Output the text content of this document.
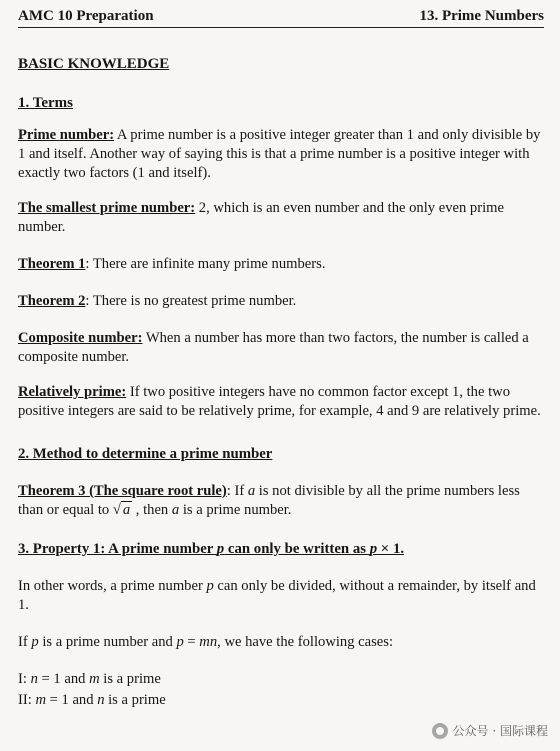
AMC 10 Preparation	13. Prime Numbers
BASIC KNOWLEDGE
1. Terms
Prime number: A prime number is a positive integer greater than 1 and only divisible by 1 and itself. Another way of saying this is that a prime number is a positive integer with exactly two factors (1 and itself).
The smallest prime number: 2, which is an even number and the only even prime number.
Theorem 1: There are infinite many prime numbers.
Theorem 2: There is no greatest prime number.
Composite number: When a number has more than two factors, the number is called a composite number.
Relatively prime: If two positive integers have no common factor except 1, the two positive integers are said to be relatively prime, for example, 4 and 9 are relatively prime.
2. Method to determine a prime number
Theorem 3 (The square root rule): If a is not divisible by all the prime numbers less than or equal to √ a , then a is a prime number.
3. Property 1: A prime number p can only be written as p × 1.
In other words, a prime number p can only be divided, without a remainder, by itself and 1.
If p is a prime number and p = mn, we have the following cases:
I: n = 1 and m is a prime
II: m = 1 and n is a prime
公众号 · 国际课程
